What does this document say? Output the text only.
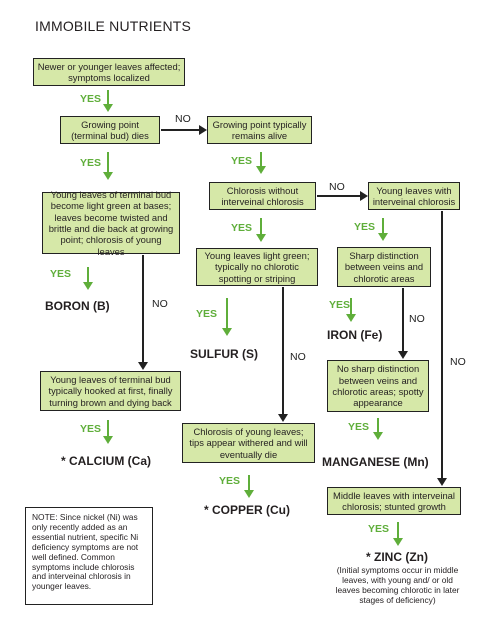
IMMOBILE NUTRIENTS
Newer or younger leaves affected; symptoms localized
Growing point (terminal bud) dies
Growing point typically remains alive
Young leaves of terminal bud become light green at bases; leaves become twisted and brittle and die back at growing point; chlorosis of young leaves
Chlorosis without interveinal chlorosis
Young leaves with interveinal chlorosis
Young leaves light green; typically no chlorotic spotting or striping
Sharp distinction between veins and chlorotic areas
Young leaves of terminal bud typically hooked at first, finally turning brown and dying back
No sharp distinction between veins and chlorotic areas; spotty appearance
Chlorosis of young leaves; tips appear withered and will eventually die
Middle leaves with interveinal chlorosis; stunted growth
YES
YES	YES
YES
YES	YES
YES
YES
YES	YES
YES
YES
NO
NO
NO
NO
NO
NO
BORON (B)
SULFUR (S)
IRON (Fe)
* CALCIUM (Ca)	MANGANESE (Mn)
* COPPER (Cu)
* ZINC (Zn)
(Initial symptoms occur in middle leaves, with young and/ or old leaves becoming chlorotic in later stages of deficiency)
NOTE: Since nickel (Ni) was only recently added as an essential nutrient, specific Ni deficiency symptoms are not well defined. Common symptoms include chlorosis and interveinal chlorosis in younger leaves.
